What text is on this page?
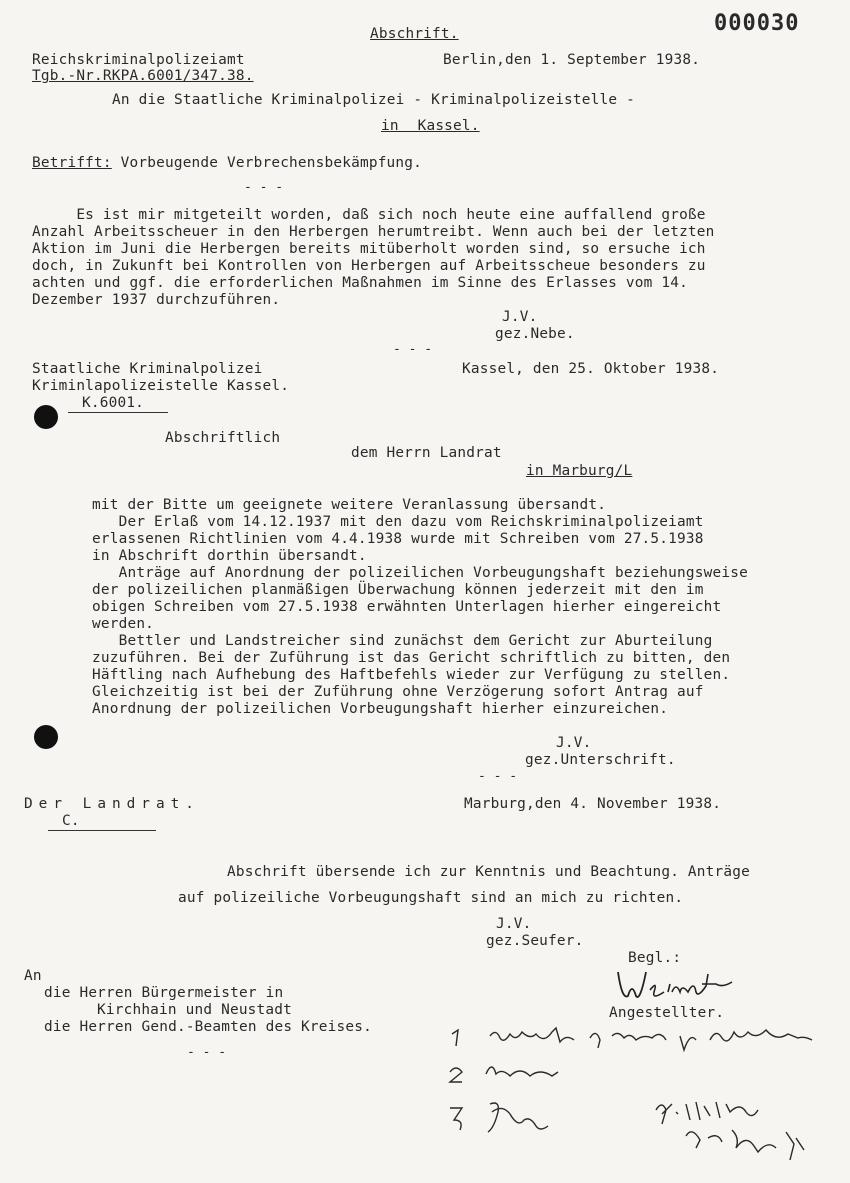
Abschrift.	000030
Reichskriminalpolizeiamt
Tgb.-Nr.RKPA.6001/347.38.
Berlin,den 1. September 1938.
An die Staatliche Kriminalpolizei - Kriminalpolizeistelle -
in Kassel.
Betrifft: Vorbeugende Verbrechensbekämpfung.
- - -
Es ist mir mitgeteilt worden, daß sich noch heute eine auffallend große
Anzahl Arbeitsscheuer in den Herbergen herumtreibt. Wenn auch bei der letzten
Aktion im Juni die Herbergen bereits mitüberholt worden sind, so ersuche ich
doch, in Zukunft bei Kontrollen von Herbergen auf Arbeitsscheue besonders zu
achten und ggf. die erforderlichen Maßnahmen im Sinne des Erlasses vom 14.
Dezember 1937 durchzuführen.
J.V.
gez.Nebe.
- - -
Staatliche Kriminalpolizei
Kriminlapolizeistelle Kassel.
K.6001.
Kassel, den 25. Oktober 1938.
Abschriftlich
dem Herrn Landrat
in Marburg/L
mit der Bitte um geeignete weitere Veranlassung übersandt.
Der Erlaß vom 14.12.1937 mit den dazu vom Reichskriminalpolizeiamt
erlassenen Richtlinien vom 4.4.1938 wurde mit Schreiben vom 27.5.1938
in Abschrift dorthin übersandt.
Anträge auf Anordnung der polizeilichen Vorbeugungshaft beziehungsweise
der polizeilichen planmäßigen Überwachung können jederzeit mit den im
obigen Schreiben vom 27.5.1938 erwähnten Unterlagen hierher eingereicht
werden.
Bettler und Landstreicher sind zunächst dem Gericht zur Aburteilung
zuzuführen. Bei der Zuführung ist das Gericht schriftlich zu bitten, den
Häftling nach Aufhebung des Haftbefehls wieder zur Verfügung zu stellen.
Gleichzeitig ist bei der Zuführung ohne Verzögerung sofort Antrag auf
Anordnung der polizeilichen Vorbeugungshaft hierher einzureichen.
J.V.
gez.Unterschrift.
- - -
Der Landrat.
C.
Marburg,den 4. November 1938.
Abschrift übersende ich zur Kenntnis und Beachtung. Anträge
auf polizeiliche Vorbeugungshaft sind an mich zu richten.
J.V.
gez.Seufer.
Begl.:
Angestellter.
An
die Herren Bürgermeister in
Kirchhain und Neustadt
die Herren Gend.-Beamten des Kreises.
- - -
